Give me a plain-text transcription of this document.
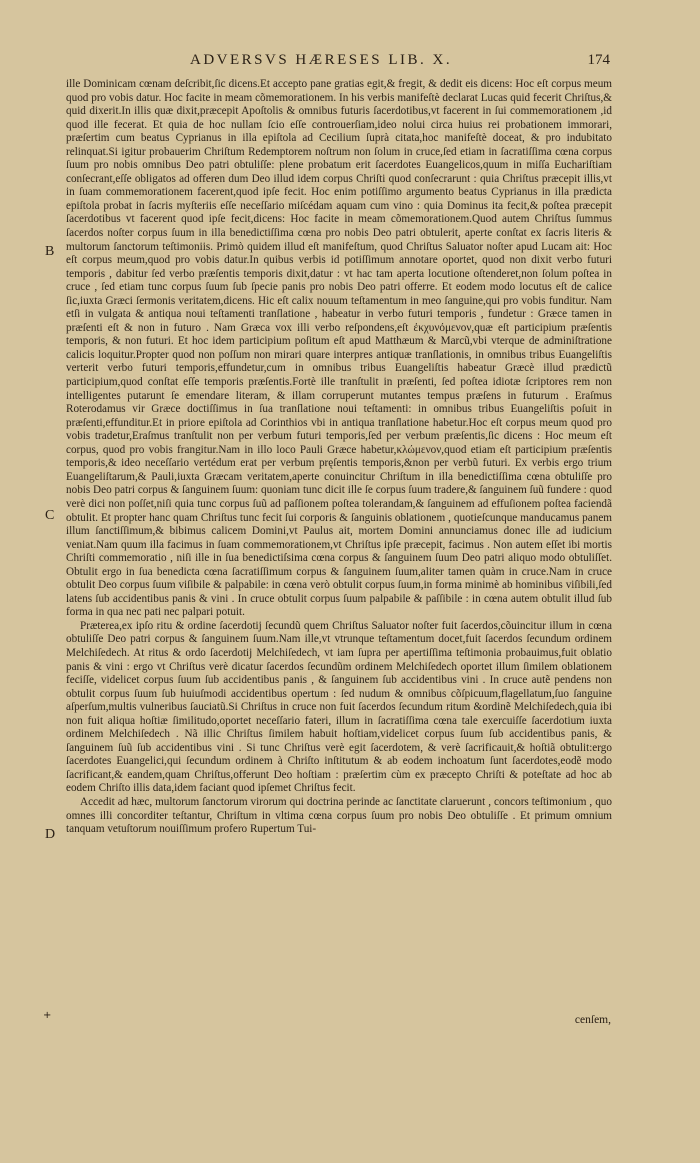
ADVERSVS HÆRESES LIB. X.	174
B
C
D
+

ille Dominicam cœnam deſcribit,ſic dicens.Et accepto pane gratias egit,& fregit, & dedit eis dicens: Hoc eſt corpus meum quod pro vobis datur. Hoc facite in meam cõmemorationem. In his verbis manifeſtè declarat Lucas quid fecerit Chriſtus,& quid dixerit.In illis quæ dixit,præcepit Apoſtolis & omnibus futuris ſacerdotibus,vt facerent in ſui commemorationem ,id quod ille fecerat. Et quia de hoc nullam ſcio eſſe controuerſiam,ideo nolui circa huius rei probationem immorari, præſertim cum beatus Cyprianus in illa epiſtola ad Cecilium ſuprà citata,hoc manifeſtè doceat, & pro indubitato relinquat.Si igitur probauerim Chriſtum Redemptorem noſtrum non ſolum in cruce,ſed etiam in ſacratiſſima cœna corpus ſuum pro nobis omnibus Deo patri obtuliſſe: plene probatum erit ſacerdotes Euangelicos,quum in miſſa Euchariſtiam conſecrant,eſſe obligatos ad offeren dum Deo illud idem corpus Chriſti quod conſecrarunt : quia Chriſtus præcepit illis,vt in ſuam commemorationem facerent,quod ipſe fecit. Hoc enim potiſſimo argumento beatus Cyprianus in illa prædicta epiſtola probat in ſacris myſteriis eſſe neceſſario miſcédam aquam cum vino : quia Dominus ita fecit,& poſtea præcepit ſacerdotibus vt facerent quod ipſe fecit,dicens: Hoc facite in meam cõmemorationem.Quod autem Chriſtus ſummus ſacerdos noſter corpus ſuum in illa benedictiſſima cœna pro nobis Deo patri obtulerit, aperte conſtat ex ſacris literis & multorum ſanctorum teſtimoniis. Primò quidem illud eſt manifeſtum, quod Chriſtus Saluator noſter apud Lucam ait: Hoc eſt corpus meum,quod pro vobis datur.In quibus verbis id potiſſimum annotare oportet, quod non dixit verbo futuri temporis , dabitur ſed verbo præſentis temporis dixit,datur : vt hac tam aperta locutione oſtenderet,non ſolum poſtea in cruce , ſed etiam tunc corpus ſuum ſub ſpecie panis pro nobis Deo patri offerre. Et eodem modo locutus eſt de calice ſic,iuxta Græci ſermonis veritatem,dicens. Hic eſt calix nouum teſtamentum in meo ſanguine,qui pro vobis funditur. Nam etſi in vulgata & antiqua noui teſtamenti tranſlatione , habeatur in verbo futuri temporis , fundetur : Græce tamen in præſenti eſt & non in futuro . Nam Græca vox illi verbo reſpondens,eſt ἐκχυνόμενον,quæ eſt participium præſentis temporis, & non futuri. Et hoc idem participium poſitum eſt apud Matthæum & Marcũ,vbi vterque de adminiſtratione calicis loquitur.Propter quod non poſſum non mirari quare interpres antiquæ tranſlationis, in omnibus tribus Euangeliſtis verterit verbo futuri temporis,effundetur,cum in omnibus tribus Euangeliſtis habeatur Græcè illud prædictũ participium,quod conſtat eſſe temporis præſentis.Fortè ille tranſtulit in præſenti, ſed poſtea idiotæ ſcriptores rem non intelligentes putarunt ſe emendare literam, & illam corruperunt mutantes tempus præſens in futurum . Eraſmus Roterodamus vir Græce doctiſſimus in ſua tranſlatione noui teſtamenti: in omnibus tribus Euangeliſtis poſuit in præſenti,effunditur.Et in priore epiſtola ad Corinthios vbi in antiqua tranſlatione habetur.Hoc eſt corpus meum quod pro vobis tradetur,Eraſmus tranſtulit non per verbum futuri temporis,ſed per verbum præſentis,ſic dicens : Hoc meum eſt corpus, quod pro vobis frangitur.Nam in illo loco Pauli Græce habetur,κλώμενον,quod etiam eſt participium præſentis temporis,& ideo neceſſario vertédum erat per verbum pręſentis temporis,&non per verbũ futuri. Ex verbis ergo trium Euangeliſtarum,& Pauli,iuxta Græcam veritatem,aperte conuincitur Chriſtum in illa benedictiſſima cœna obtuliſſe pro nobis Deo patri corpus & ſanguinem ſuum: quoniam tunc dicit ille ſe corpus ſuum tradere,& ſanguinem ſuũ fundere : quod verè dici non poſſet,niſi quia tunc corpus ſuũ ad paſſionem poſtea tolerandam,& ſanguinem ad effuſionem poſtea faciendã obtulit. Et propter hanc quam Chriſtus tunc fecit ſui corporis & ſanguinis oblationem , quotieſcunque manducamus panem illum ſanctiſſimum,& bibimus calicem Domini,vt Paulus ait, mortem Domini annunciamus donec ille ad iudicium veniat.Nam quum illa facimus in ſuam commemorationem,vt Chriſtus ipſe præcepit, facimus . Non autem eſſet ibi mortis Chriſti commemoratio , niſi ille in ſua benedictiſsima cœna corpus & ſanguinem ſuum Deo patri aliquo modo obtuliſſet. Obtulit ergo in ſua benedicta cœna ſacratiſſimum corpus & ſanguinem ſuum,aliter tamen quàm in cruce.Nam in cruce obtulit Deo corpus ſuum viſibile & palpabile: in cœna verò obtulit corpus ſuum,in forma minimè ab hominibus viſibili,ſed latens ſub accidentibus panis & vini . In cruce obtulit corpus ſuum palpabile & paſſibile : in cœna autem obtulit illud ſub forma in qua nec pati nec palpari potuit.

Præterea,ex ipſo ritu & ordine ſacerdotij ſecundũ quem Chriſtus Saluator noſter fuit ſacerdos,cõuincitur illum in cœna obtuliſſe Deo patri corpus & ſanguinem ſuum.Nam ille,vt vtrunque teſtamentum docet,fuit ſacerdos ſecundum ordinem Melchiſedech. At ritus & ordo ſacerdotij Melchiſedech, vt iam ſupra per apertiſſima teſtimonia probauimus,fuit oblatio panis & vini : ergo vt Chriſtus verè dicatur ſacerdos ſecundũm ordinem Melchiſedech oportet illum ſimilem oblationem feciſſe, videlicet corpus ſuum ſub accidentibus panis , & ſanguinem ſub accidentibus vini . In cruce autẽ pendens non obtulit corpus ſuum ſub huiuſmodi accidentibus opertum : ſed nudum & omnibus cõſpicuum,flagellatum,ſuo ſanguine aſperſum,multis vulneribus ſauciatũ.Si Chriſtus in cruce non fuit ſacerdos ſecundum ritum &ordinẽ Melchiſedech,quia ibi non fuit aliqua hoſtiæ ſimilitudo,oportet neceſſario fateri, illum in ſacratiſſima cœna tale exercuiſſe ſacerdotium iuxta ordinem Melchiſedech . Nã illic Chriſtus ſimilem habuit hoſtiam,videlicet corpus ſuum ſub accidentibus panis, & ſanguinem ſuũ ſub accidentibus vini . Si tunc Chriſtus verè egit ſacerdotem, & verè ſacrificauit,& hoſtiã obtulit:ergo ſacerdotes Euangelici,qui ſecundum ordinem à Chriſto inſtitutum & ab eodem inchoatum ſunt ſacerdotes,eodẽ modo ſacrificant,& eandem,quam Chriſtus,offerunt Deo hoſtiam : præſertim cùm ex præcepto Chriſti & poteſtate ad hoc ab eodem Chriſto illis data,idem faciant quod ipſemet Chriſtus fecit.

Accedit ad hæc, multorum ſanctorum virorum qui doctrina perinde ac ſanctitate claruerunt , concors teſtimonium , quo omnes illi concorditer teſtantur, Chriſtum in vltima cœna corpus ſuum pro nobis Deo obtuliſſe . Et primum omnium tanquam vetuſtorum nouiſſimum profero Rupertum Tui-

cenſem,
